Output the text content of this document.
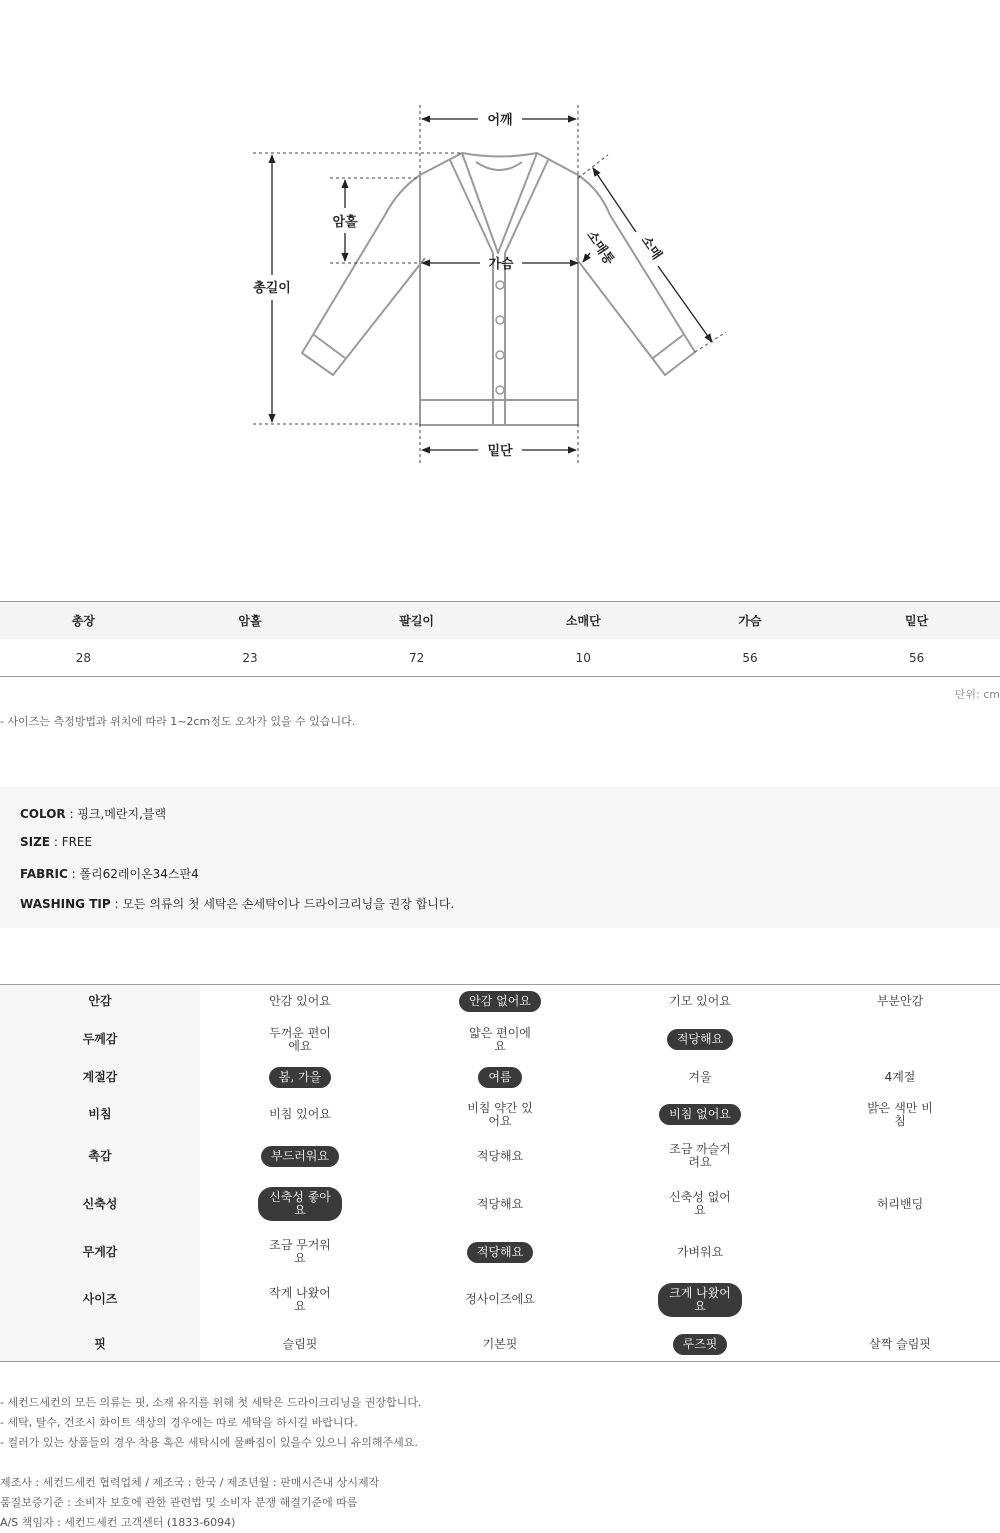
어깨
총길이
암홀
가슴
밑단
소매통 소매
총장	암홀	팔길이	소매단	가슴	밑단
28	23	72	10	56	56
단위: cm
- 사이즈는 측정방법과 위치에 따라 1~2cm정도 오차가 있을 수 있습니다.
COLOR : 핑크,메란지,블랙
SIZE : FREE
FABRIC : 폴리62레이온34스판4
WASHING TIP : 모든 의류의 첫 세탁은 손세탁이나 드라이크리닝을 권장 합니다.
안감	안감 있어요	안감 없어요	기모 있어요	부분안감
두께감	두꺼운 편이에요	얇은 편이에요	적당해요	
계절감	봄, 가을	여름	겨울	4계절
비침	비침 있어요	비침 약간 있어요	비침 없어요	밝은 색만 비침
촉감	부드러워요	적당해요	조금 까슬거려요	
신축성	신축성 좋아요	적당해요	신축성 없어요	허리밴딩
무게감	조금 무거워요	적당해요	가벼워요	
사이즈	작게 나왔어요	정사이즈에요	크게 나왔어요	
핏	슬림핏	기본핏	루즈핏	살짝 슬림핏
- 세컨드세컨의 모든 의류는 핏, 소재 유지를 위해 첫 세탁은 드라이크리닝을 권장합니다.
- 세탁, 탈수, 건조시 화이트 색상의 경우에는 따로 세탁을 하시길 바랍니다.
- 컬러가 있는 상품들의 경우 착용 혹은 세탁시에 물빠짐이 있을수 있으니 유의해주세요.
제조사 : 세컨드세컨 협력업체 / 제조국 : 한국 / 제조년월 : 판매시즌내 상시제작
품질보증기준 : 소비자 보호에 관한 관련법 및 소비자 분쟁 해결기준에 따름
A/S 책임자 : 세컨드세컨 고객센터 (1833-6094)
